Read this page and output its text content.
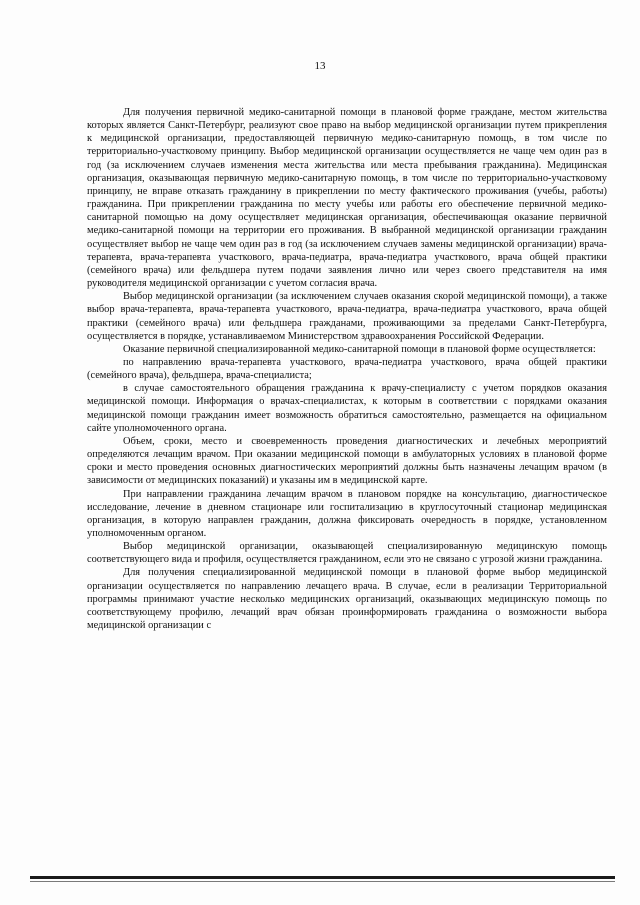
13

Для получения первичной медико-санитарной помощи в плановой форме граждане, местом жительства которых является Санкт-Петербург, реализуют свое право на выбор медицинской организации путем прикрепления к медицинской организации, предоставляющей первичную медико-санитарную помощь, в том числе по территориально-участковому принципу. Выбор медицинской организации осуществляется не чаще чем один раз в год (за исключением случаев изменения места жительства или места пребывания гражданина). Медицинская организация, оказывающая первичную медико-санитарную помощь, в том числе по территориально-участковому принципу, не вправе отказать гражданину в прикреплении по месту фактического проживания (учебы, работы) гражданина. При прикреплении гражданина по месту учебы или работы его обеспечение первичной медико-санитарной помощью на дому осуществляет медицинская организация, обеспечивающая оказание первичной медико-санитарной помощи на территории его проживания. В выбранной медицинской организации гражданин осуществляет выбор не чаще чем один раз в год (за исключением случаев замены медицинской организации) врача-терапевта, врача-терапевта участкового, врача-педиатра, врача-педиатра участкового, врача общей практики (семейного врача) или фельдшера путем подачи заявления лично или через своего представителя на имя руководителя медицинской организации с учетом согласия врача.

Выбор медицинской организации (за исключением случаев оказания скорой медицинской помощи), а также выбор врача-терапевта, врача-терапевта участкового, врача-педиатра, врача-педиатра участкового, врача общей практики (семейного врача) или фельдшера гражданами, проживающими за пределами Санкт-Петербурга, осуществляется в порядке, устанавливаемом Министерством здравоохранения Российской Федерации.

Оказание первичной специализированной медико-санитарной помощи в плановой форме осуществляется:

по направлению врача-терапевта участкового, врача-педиатра участкового, врача общей практики (семейного врача), фельдшера, врача-специалиста;

в случае самостоятельного обращения гражданина к врачу-специалисту с учетом порядков оказания медицинской помощи. Информация о врачах-специалистах, к которым в соответствии с порядками оказания медицинской помощи гражданин имеет возможность обратиться самостоятельно, размещается на официальном сайте уполномоченного органа.

Объем, сроки, место и своевременность проведения диагностических и лечебных мероприятий определяются лечащим врачом. При оказании медицинской помощи в амбулаторных условиях в плановой форме сроки и место проведения основных диагностических мероприятий должны быть назначены лечащим врачом (в зависимости от медицинских показаний) и указаны им в медицинской карте.

При направлении гражданина лечащим врачом в плановом порядке на консультацию, диагностическое исследование, лечение в дневном стационаре или госпитализацию в круглосуточный стационар медицинская организация, в которую направлен гражданин, должна фиксировать очередность в порядке, установленном уполномоченным органом.

Выбор медицинской организации, оказывающей специализированную медицинскую помощь соответствующего вида и профиля, осуществляется гражданином, если это не связано с угрозой жизни гражданина.

Для получения специализированной медицинской помощи в плановой форме выбор медицинской организации осуществляется по направлению лечащего врача. В случае, если в реализации Территориальной программы принимают участие несколько медицинских организаций, оказывающих медицинскую помощь по соответствующему профилю, лечащий врач обязан проинформировать гражданина о возможности выбора медицинской организации с
